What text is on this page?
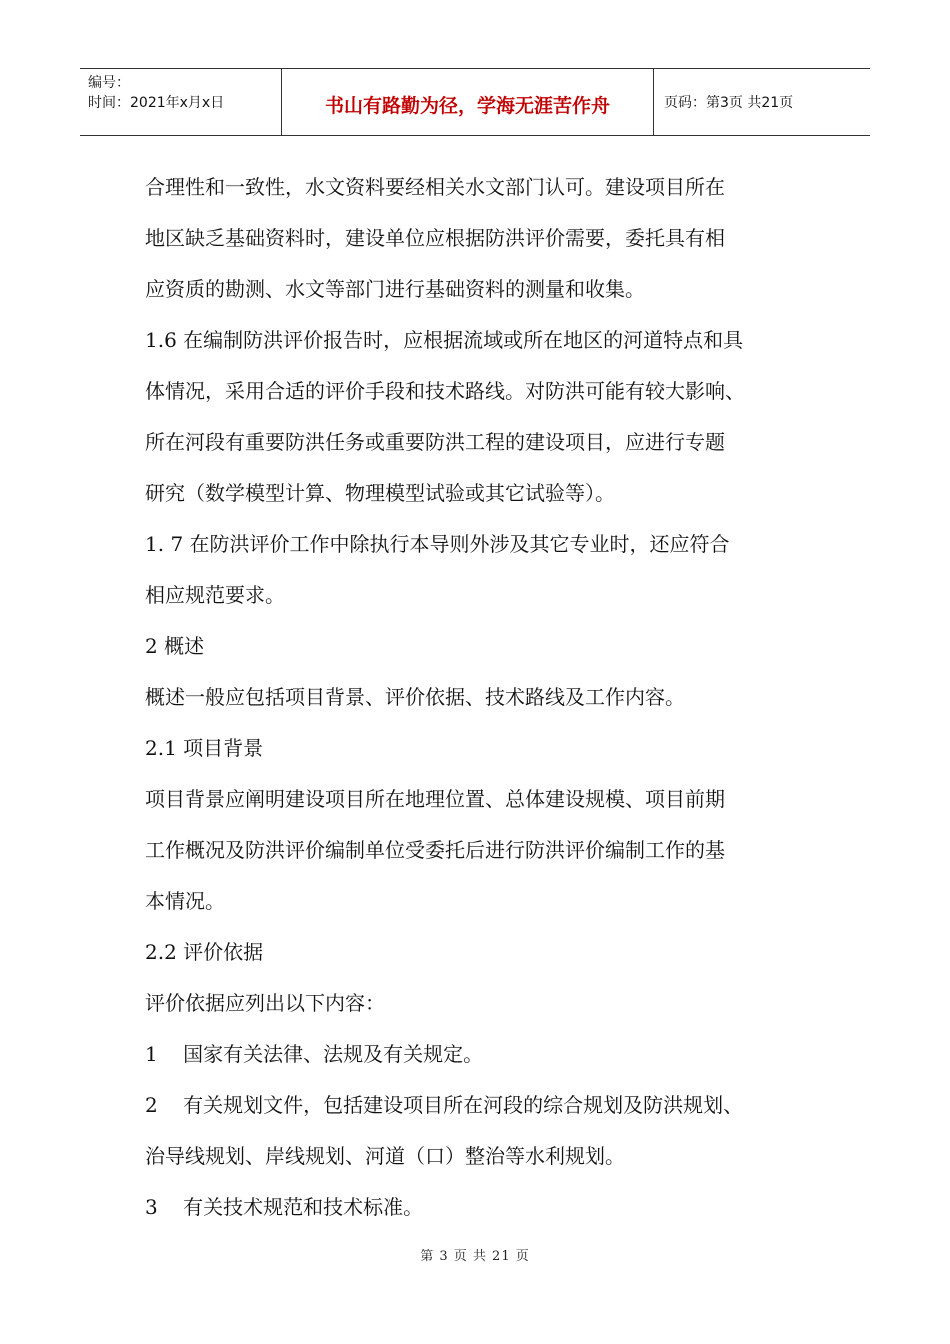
编号：
时间：2021年x月x日	书山有路勤为径，学海无涯苦作舟	页码：第3页 共21页

合理性和一致性，水文资料要经相关水文部门认可。建设项目所在

地区缺乏基础资料时，建设单位应根据防洪评价需要，委托具有相

应资质的勘测、水文等部门进行基础资料的测量和收集。

1.6 在编制防洪评价报告时，应根据流域或所在地区的河道特点和具

体情况，采用合适的评价手段和技术路线。对防洪可能有较大影响、

所在河段有重要防洪任务或重要防洪工程的建设项目，应进行专题

研究（数学模型计算、物理模型试验或其它试验等）。

1. 7 在防洪评价工作中除执行本导则外涉及其它专业时，还应符合

相应规范要求。

2 概述

概述一般应包括项目背景、评价依据、技术路线及工作内容。

2.1 项目背景

项目背景应阐明建设项目所在地理位置、总体建设规模、项目前期

工作概况及防洪评价编制单位受委托后进行防洪评价编制工作的基

本情况。

2.2 评价依据

评价依据应列出以下内容：

1    国家有关法律、法规及有关规定。

2    有关规划文件，包括建设项目所在河段的综合规划及防洪规划、

治导线规划、岸线规划、河道（口）整治等水利规划。

3    有关技术规范和技术标准。

第 3 页 共 21 页
